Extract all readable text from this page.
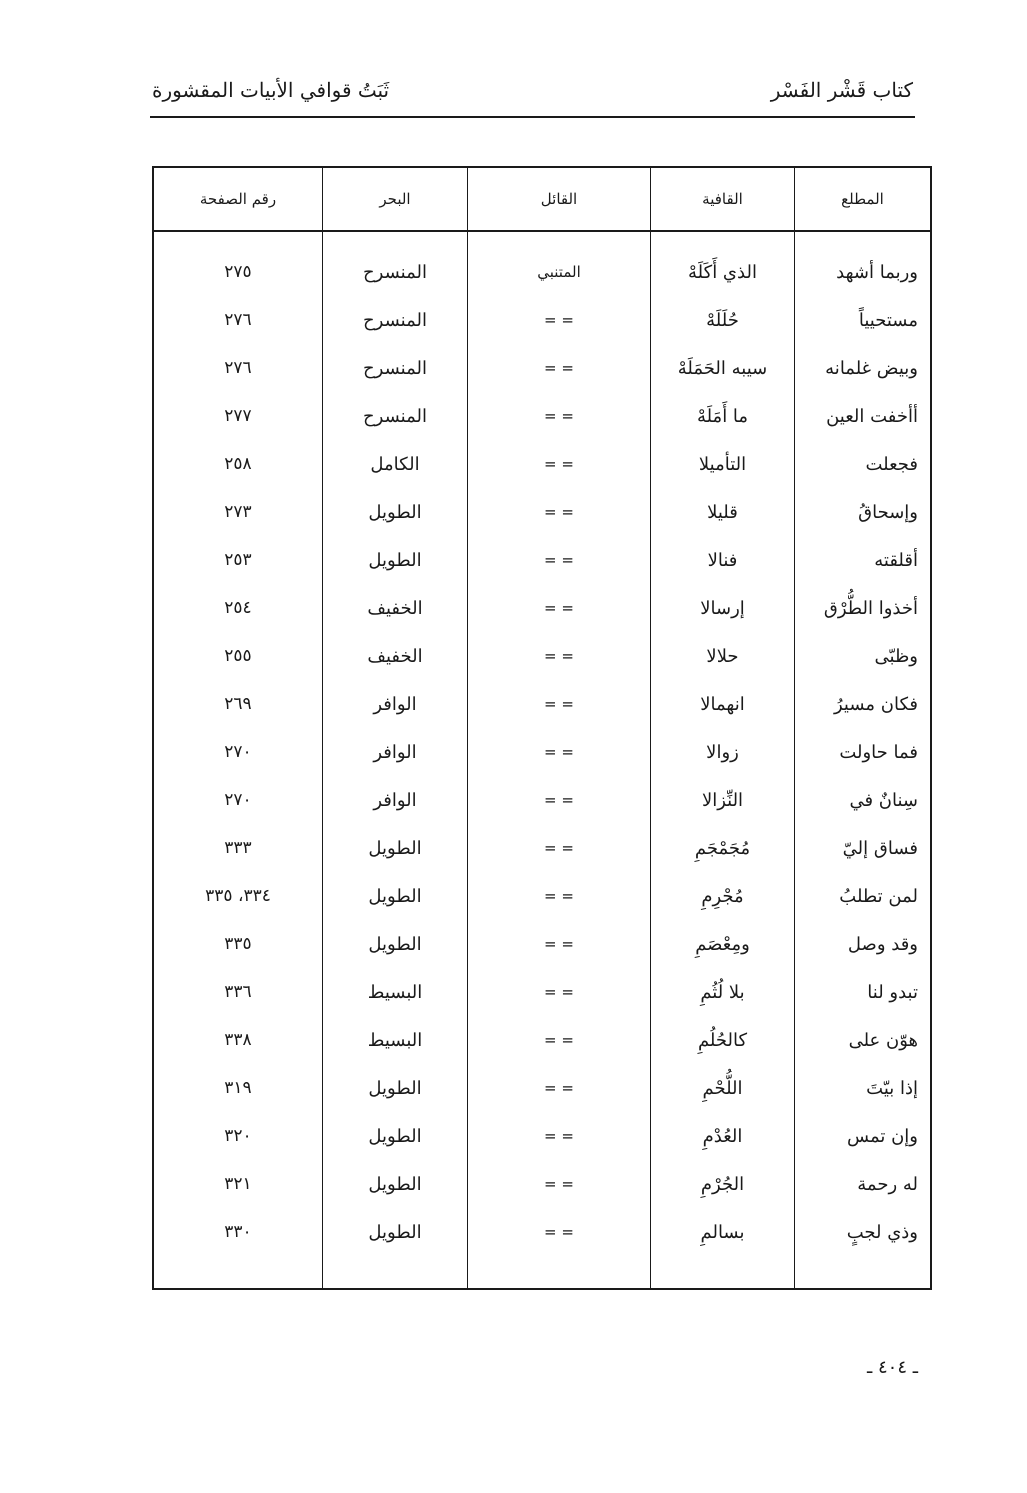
كتاب قَشْر الفَسْر
ثَبَتُ قوافي الأبيات المقشورة
المطلع	القافية	القائل	البحر	رقم الصفحة

وربما أشهد	الذي أَكَلَهْ	المتنبي	المنسرح	٢٧٥
مستحيياً	حُلَلَهْ	= =	المنسرح	٢٧٦
وبيض غلمانه	سيبه الحَمَلَهْ	= =	المنسرح	٢٧٦
أأخفت العين	ما أَمَلَهْ	= =	المنسرح	٢٧٧
فجعلت	التأميلا	= =	الكامل	٢٥٨
وإسحاقُ	قليلا	= =	الطويل	٢٧٣
أقلقته	فنالا	= =	الطويل	٢٥٣
أخذوا الطُّرْق	إرسالا	= =	الخفيف	٢٥٤
وظبّى	حلالا	= =	الخفيف	٢٥٥
فكان مسيرُ	انهمالا	= =	الوافر	٢٦٩
فما حاولت	زوالا	= =	الوافر	٢٧٠
سِنانٌ في	النِّزالا	= =	الوافر	٢٧٠
فساق إليّ	مُجَمْجَمِ	= =	الطويل	٣٣٣
لمن تطلبُ	مُجْرِمِ	= =	الطويل	٣٣٤، ٣٣٥
وقد وصل	ومِعْصَمِ	= =	الطويل	٣٣٥
تبدو لنا	بلا لُثُمِ	= =	البسيط	٣٣٦
هوّن على	كالحُلُمِ	= =	البسيط	٣٣٨
إذا بيّتَ	اللُّحْمِ	= =	الطويل	٣١٩
وإن تمس	العُدْمِ	= =	الطويل	٣٢٠
له رحمة	الجُرْمِ	= =	الطويل	٣٢١
وذي لجبٍ	بسالمِ	= =	الطويل	٣٣٠

ـ ٤٠٤ ـ
